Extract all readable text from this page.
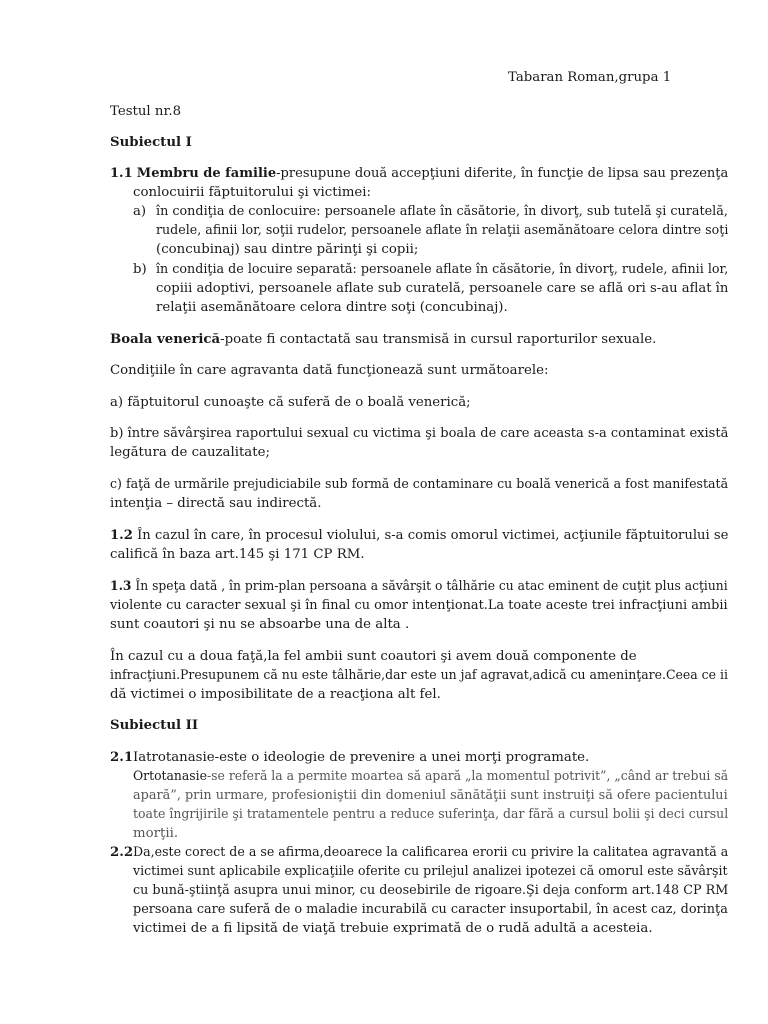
Tabaran Roman,grupa 1
Testul nr.8
Subiectul I
1.1 Membru de familie-presupune două accepţiuni diferite, în funcţie de lipsa sau prezenţa
conlocuirii făptuitorului şi victimei:
a) în condiţia de conlocuire: persoanele aflate în căsătorie, în divorţ, sub tutelă şi curatelă,
rudele, afinii lor, soţii rudelor, persoanele aflate în relaţii asemănătoare celora dintre soţi
(concubinaj) sau dintre părinţi şi copii;
b) în condiţia de locuire separată: persoanele aflate în căsătorie, în divorţ, rudele, afinii lor,
copiii adoptivi, persoanele aflate sub curatelă, persoanele care se află ori s-au aflat în
relaţii asemănătoare celora dintre soţi (concubinaj).
Boala venerică-poate fi contactată sau transmisă in cursul raporturilor sexuale.
Condiţiile în care agravanta dată funcţionează sunt următoarele:
a) făptuitorul cunoaşte că suferă de o boală venerică;
b) între săvârşirea raportului sexual cu victima şi boala de care aceasta s-a contaminat există
legătura de cauzalitate;
c) faţă de urmările prejudiciabile sub formă de contaminare cu boală venerică a fost manifestată
intenţia – directă sau indirectă.
1.2 În cazul în care, în procesul violului, s-a comis omorul victimei, acţiunile făptuitorului se
califică în baza art.145 şi 171 CP RM.
1.3 În speţa dată , în prim-plan persoana a săvârşit o tâlhărie cu atac eminent de cuţit plus acţiuni
violente cu caracter sexual şi în final cu omor intenţionat.La toate aceste trei infracţiuni ambii
sunt coautori şi nu se absoarbe una de alta .
În cazul cu a doua faţă,la fel ambii sunt coautori şi avem două componente de
infracţiuni.Presupunem că nu este tâlhărie,dar este un jaf agravat,adică cu ameninţare.Ceea ce ii
dă victimei o imposibilitate de a reacţiona alt fel.
Subiectul II
2.1 Iatrotanasie-este o ideologie de prevenire a unei morţi programate.
Ortotanasie-se referă la a permite moartea să apară „la momentul potrivit”, „când ar trebui să
apară”, prin urmare, profesioniştii din domeniul sănătăţii sunt instruiţi să ofere pacientului
toate îngrijirile şi tratamentele pentru a reduce suferinţa, dar fără a cursul bolii şi deci cursul
morţii.
2.2 Da,este corect de a se afirma,deoarece la calificarea erorii cu privire la calitatea agravantă a
victimei sunt aplicabile explicaţiile oferite cu prilejul analizei ipotezei că omorul este săvârşit
cu bună-ştiinţă asupra unui minor, cu deosebirile de rigoare.Şi deja conform art.148 CP RM
persoana care suferă de o maladie incurabilă cu caracter insuportabil, în acest caz, dorinţa
victimei de a fi lipsită de viaţă trebuie exprimată de o rudă adultă a acesteia.
